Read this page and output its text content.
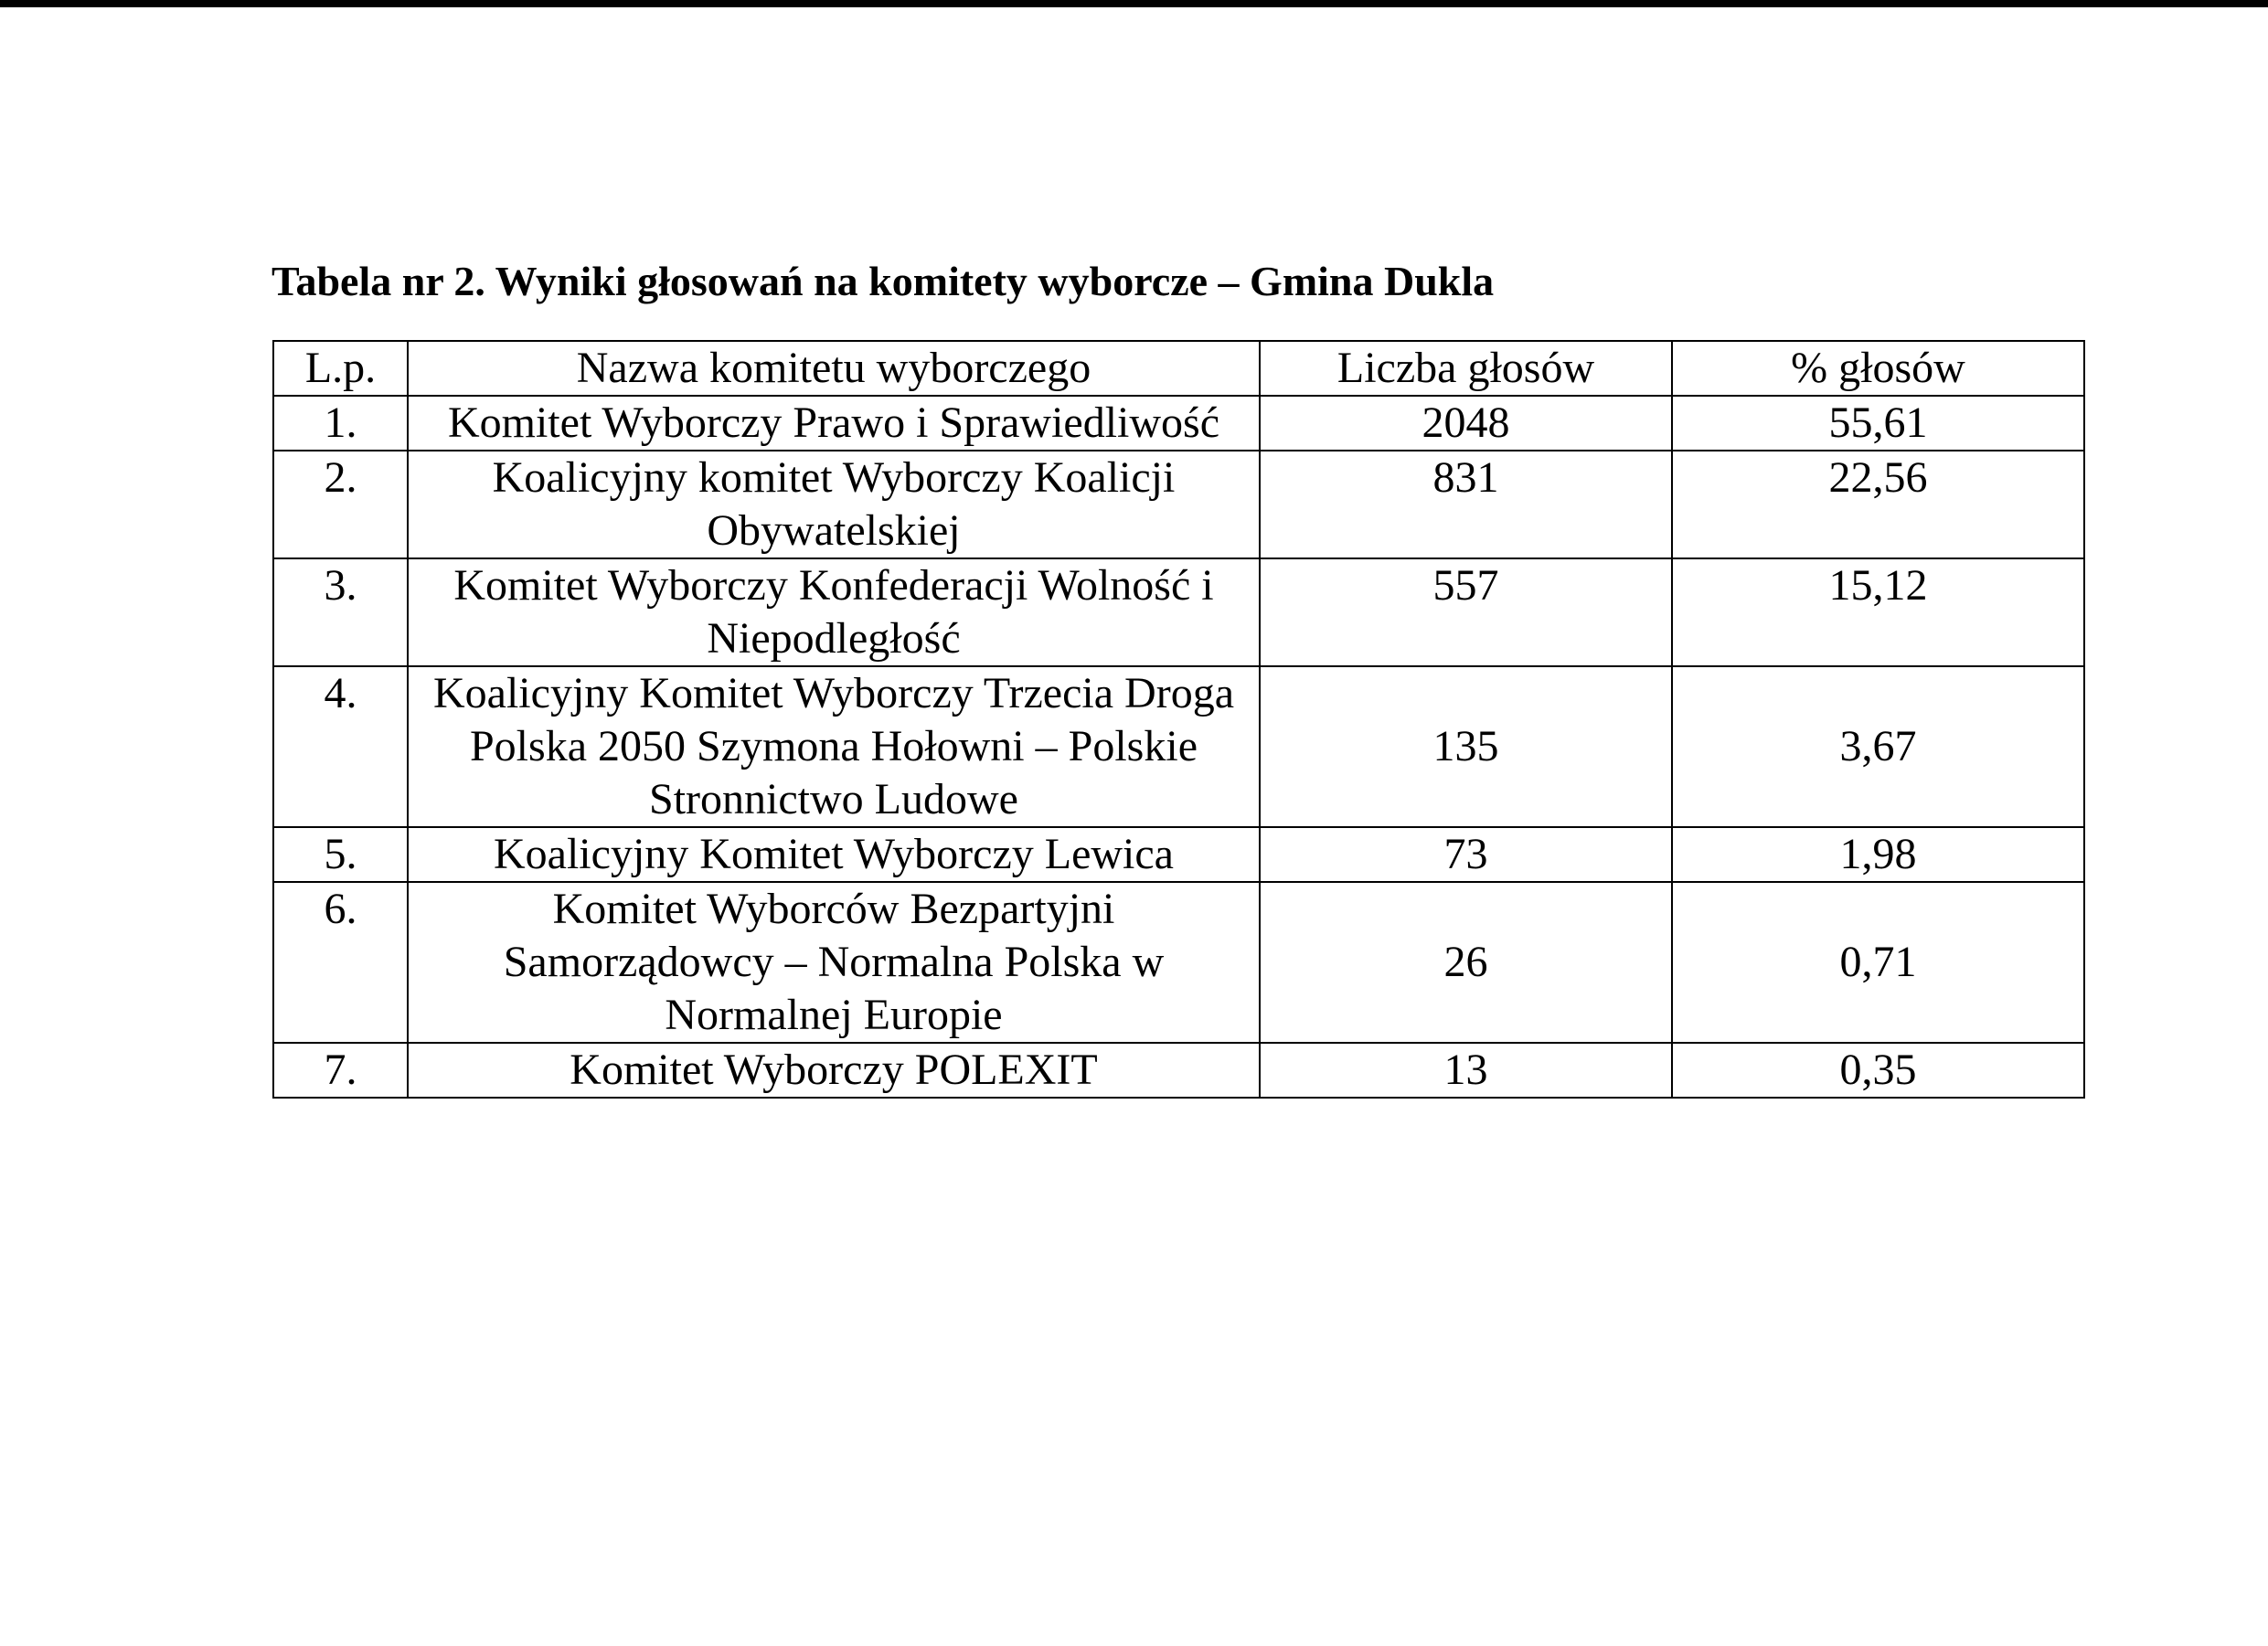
Tabela nr 2. Wyniki głosowań na komitety wyborcze – Gmina Dukla
L.p.	Nazwa komitetu wyborczego	Liczba głosów	% głosów
1.	Komitet Wyborczy Prawo i Sprawiedliwość	2048	55,61
2.	Koalicyjny komitet Wyborczy Koalicji Obywatelskiej	831	22,56
3.	Komitet Wyborczy Konfederacji Wolność i Niepodległość	557	15,12
4.	Koalicyjny Komitet Wyborczy Trzecia Droga Polska 2050 Szymona Hołowni – Polskie Stronnictwo Ludowe	135	3,67
5.	Koalicyjny Komitet Wyborczy Lewica	73	1,98
6.	Komitet Wyborców Bezpartyjni Samorządowcy – Normalna Polska w Normalnej Europie	26	0,71
7.	Komitet Wyborczy POLEXIT	13	0,35
